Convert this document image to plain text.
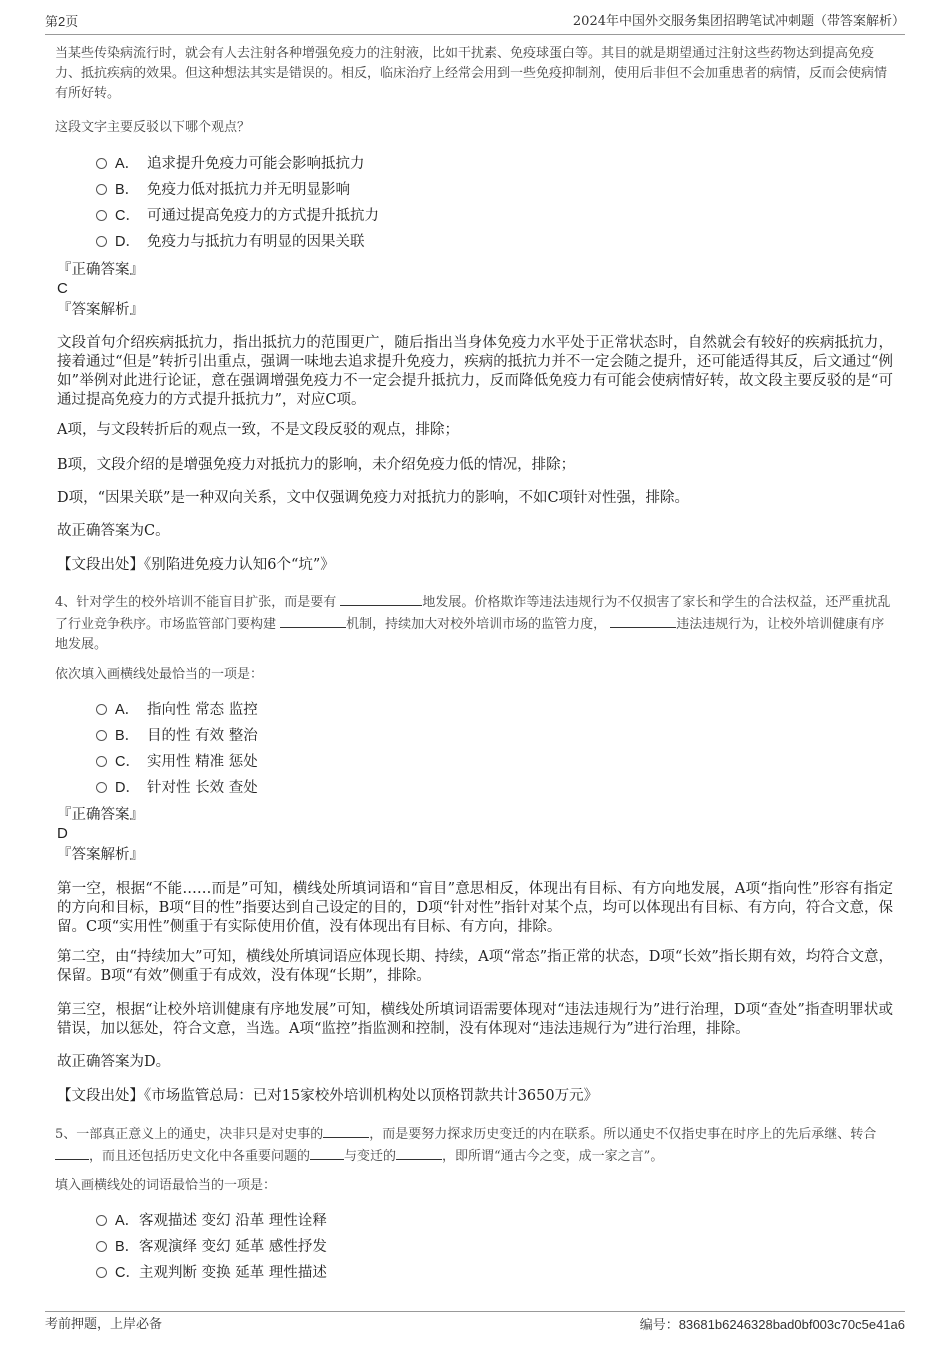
第2页	2024年中国外交服务集团招聘笔试冲刺题（带答案解析）

当某些传染病流行时，就会有人去注射各种增强免疫力的注射液，比如干扰素、免疫球蛋白等。其目的就是期望通过注射这些药物达到提高免疫力、抵抗疾病的效果。但这种想法其实是错误的。相反，临床治疗上经常会用到一些免疫抑制剂，使用后非但不会加重患者的病情，反而会使病情有所好转。

这段文字主要反驳以下哪个观点？

A． 追求提升免疫力可能会影响抵抗力
B． 免疫力低对抵抗力并无明显影响
C． 可通过提高免疫力的方式提升抵抗力
D． 免疫力与抵抗力有明显的因果关联
『正确答案』
C
『答案解析』

文段首句介绍疾病抵抗力，指出抵抗力的范围更广，随后指出当身体免疫力水平处于正常状态时，自然就会有较好的疾病抵抗力，接着通过“但是”转折引出重点，强调一味地去追求提升免疫力，疾病的抵抗力并不一定会随之提升，还可能适得其反，后文通过“例如”举例对此进行论证，意在强调增强免疫力不一定会提升抵抗力，反而降低免疫力有可能会使病情好转，故文段主要反驳的是“可通过提高免疫力的方式提升抵抗力”，对应C项。

A项，与文段转折后的观点一致，不是文段反驳的观点，排除；

B项，文段介绍的是增强免疫力对抵抗力的影响，未介绍免疫力低的情况，排除；

D项，“因果关联”是一种双向关系，文中仅强调免疫力对抵抗力的影响，不如C项针对性强，排除。

故正确答案为C。

【文段出处】《别陷进免疫力认知6个“坑”》

4、针对学生的校外培训不能盲目扩张，而是要有	地发展。价格欺诈等违法违规行为不仅损害了家长和学生的合法权益，还严重扰乱了行业竞争秩序。市场监管部门要构建	机制，持续加大对校外培训市场的监管力度，	违法违规行为，让校外培训健康有序地发展。

依次填入画横线处最恰当的一项是：

A． 指向性 常态 监控
B． 目的性 有效 整治
C． 实用性 精准 惩处
D． 针对性 长效 查处
『正确答案』
D
『答案解析』

第一空，根据“不能……而是”可知，横线处所填词语和“盲目”意思相反，体现出有目标、有方向地发展，A项“指向性”形容有指定的方向和目标，B项“目的性”指要达到自己设定的目的，D项“针对性”指针对某个点，均可以体现出有目标、有方向，符合文意，保留。C项“实用性”侧重于有实际使用价值，没有体现出有目标、有方向，排除。

第二空，由“持续加大”可知，横线处所填词语应体现长期、持续，A项“常态”指正常的状态，D项“长效”指长期有效，均符合文意，保留。B项“有效”侧重于有成效，没有体现“长期”，排除。

第三空，根据“让校外培训健康有序地发展”可知，横线处所填词语需要体现对“违法违规行为”进行治理，D项“查处”指查明罪状或错误，加以惩处，符合文意，当选。A项“监控”指监测和控制，没有体现对“违法违规行为”进行治理，排除。

故正确答案为D。

【文段出处】《市场监管总局：已对15家校外培训机构处以顶格罚款共计3650万元》

5、一部真正意义上的通史，决非只是对史事的	，而是要努力探求历史变迁的内在联系。所以通史不仅指史事在时序上的先后承继、转合，而且还包括历史文化中各重要问题的	与变迁的	，即所谓“通古今之变，成一家之言”。

填入画横线处的词语最恰当的一项是：

A．客观描述 变幻 沿革 理性诠释
B．客观演绎 变幻 延革 感性抒发
C．主观判断 变换 延革 理性描述
考前押题，上岸必备	编号：83681b6246328bad0bf003c70c5e41a6
